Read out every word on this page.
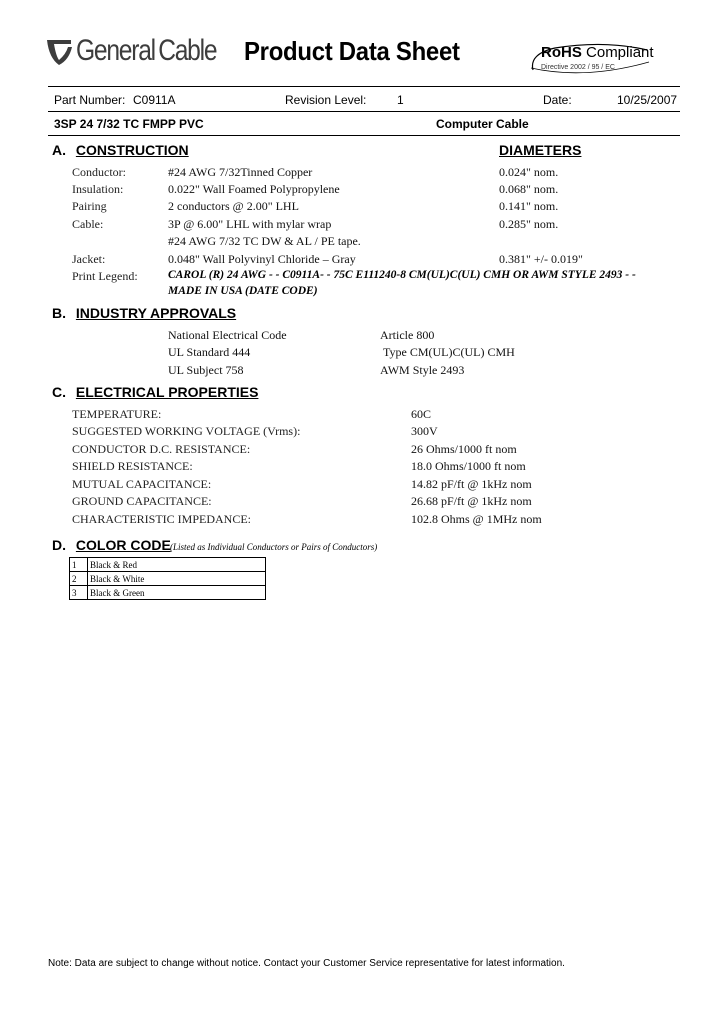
General Cable Product Data Sheet	RoHS Compliant
Directive 2002 / 95 / EC
Part Number: C0911A	Revision Level:	1	Date:	10/25/2007
3SP 24 7/32 TC FMPP PVC	Computer Cable
A. CONSTRUCTION	DIAMETERS
Conductor:	#24 AWG 7/32Tinned Copper	0.024" nom.
Insulation:	0.022" Wall Foamed Polypropylene	0.068" nom.
Pairing	2 conductors @ 2.00" LHL	0.141" nom.
Cable:	3P @ 6.00" LHL with mylar wrap	0.285" nom.
#24 AWG 7/32 TC DW & AL / PE tape.
Jacket:	0.048" Wall Polyvinyl Chloride – Gray	0.381" +/- 0.019"
Print Legend:	CAROL (R) 24 AWG - - C0911A- - 75C E111240-8 CM(UL)C(UL) CMH OR AWM STYLE 2493 - -
MADE IN USA (DATE CODE)
B. INDUSTRY APPROVALS
National Electrical Code	Article 800
UL Standard 444	Type CM(UL)C(UL) CMH
UL Subject 758	AWM Style 2493
C. ELECTRICAL PROPERTIES
TEMPERATURE:	60C
SUGGESTED WORKING VOLTAGE (Vrms):	300V
CONDUCTOR D.C. RESISTANCE:	26 Ohms/1000 ft nom
SHIELD RESISTANCE:	18.0 Ohms/1000 ft nom
MUTUAL CAPACITANCE:	14.82 pF/ft @ 1kHz nom
GROUND CAPACITANCE:	26.68 pF/ft @ 1kHz nom
CHARACTERISTIC IMPEDANCE:	102.8 Ohms @ 1MHz nom
D. COLOR CODE (Listed as Individual Conductors or Pairs of Conductors)
1	Black & Red
2	Black & White
3	Black & Green
Note: Data are subject to change without notice. Contact your Customer Service representative for latest information.
